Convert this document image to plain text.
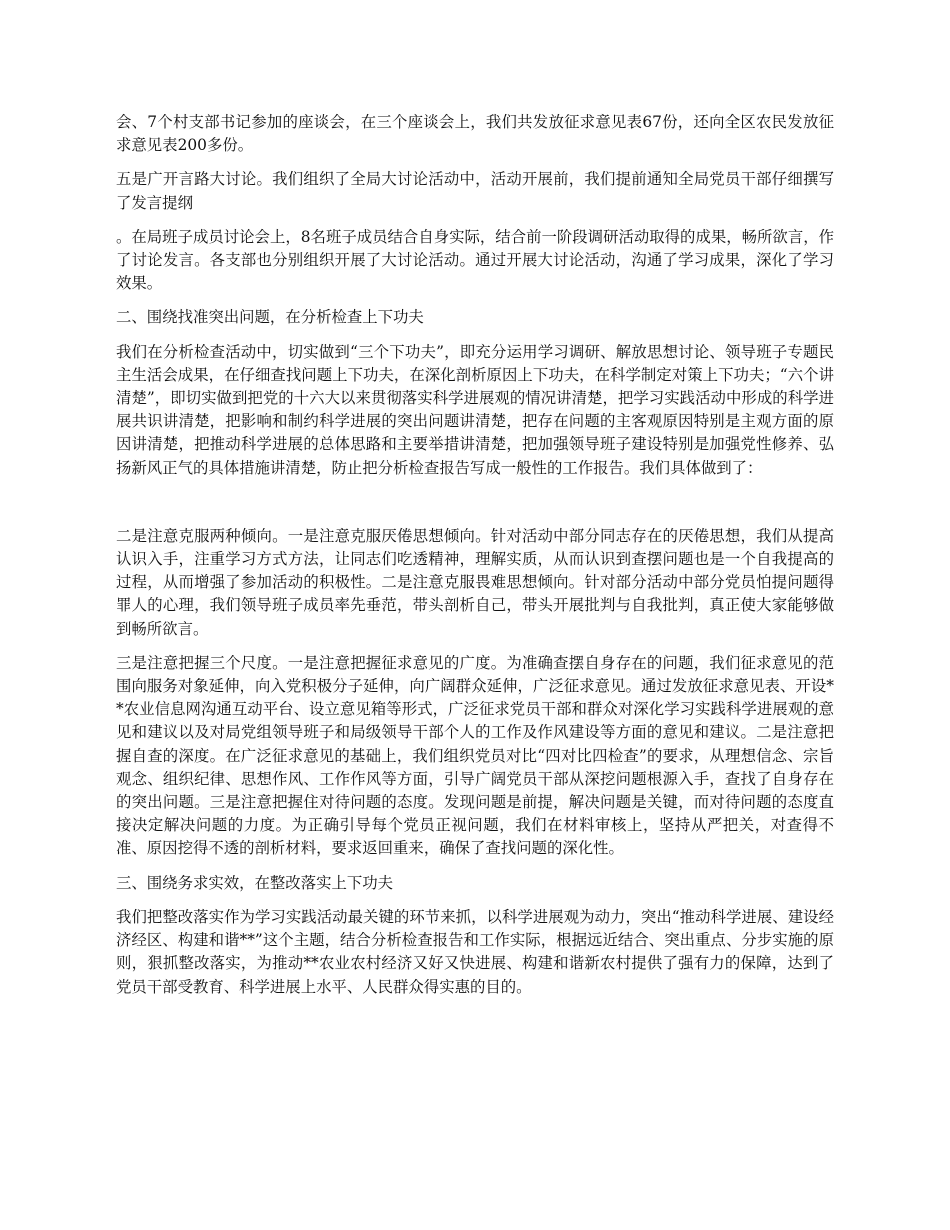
会、7个村支部书记参加的座谈会，在三个座谈会上，我们共发放征求意见表67份，还向全区农民发放征求意见表200多份。

五是广开言路大讨论。我们组织了全局大讨论活动中，活动开展前，我们提前通知全局党员干部仔细撰写了发言提纲

。在局班子成员讨论会上，8名班子成员结合自身实际，结合前一阶段调研活动取得的成果，畅所欲言，作了讨论发言。各支部也分别组织开展了大讨论活动。通过开展大讨论活动，沟通了学习成果，深化了学习效果。

二、围绕找准突出问题，在分析检查上下功夫

我们在分析检查活动中，切实做到“三个下功夫”，即充分运用学习调研、解放思想讨论、领导班子专题民主生活会成果，在仔细查找问题上下功夫，在深化剖析原因上下功夫，在科学制定对策上下功夫；“六个讲清楚”，即切实做到把党的十六大以来贯彻落实科学进展观的情况讲清楚，把学习实践活动中形成的科学进展共识讲清楚，把影响和制约科学进展的突出问题讲清楚，把存在问题的主客观原因特别是主观方面的原因讲清楚，把推动科学进展的总体思路和主要举措讲清楚，把加强领导班子建设特别是加强党性修养、弘扬新风正气的具体措施讲清楚，防止把分析检查报告写成一般性的工作报告。我们具体做到了：

二是注意克服两种倾向。一是注意克服厌倦思想倾向。针对活动中部分同志存在的厌倦思想，我们从提高认识入手，注重学习方式方法，让同志们吃透精神，理解实质，从而认识到查摆问题也是一个自我提高的过程，从而增强了参加活动的积极性。二是注意克服畏难思想倾向。针对部分活动中部分党员怕提问题得罪人的心理，我们领导班子成员率先垂范，带头剖析自己，带头开展批判与自我批判，真正使大家能够做到畅所欲言。

三是注意把握三个尺度。一是注意把握征求意见的广度。为准确查摆自身存在的问题，我们征求意见的范围向服务对象延伸，向入党积极分子延伸，向广阔群众延伸，广泛征求意见。通过发放征求意见表、开设**农业信息网沟通互动平台、设立意见箱等形式，广泛征求党员干部和群众对深化学习实践科学进展观的意见和建议以及对局党组领导班子和局级领导干部个人的工作及作风建设等方面的意见和建议。二是注意把握自查的深度。在广泛征求意见的基础上，我们组织党员对比“四对比四检查”的要求，从理想信念、宗旨观念、组织纪律、思想作风、工作作风等方面，引导广阔党员干部从深挖问题根源入手，查找了自身存在的突出问题。三是注意把握住对待问题的态度。发现问题是前提，解决问题是关键，而对待问题的态度直接决定解决问题的力度。为正确引导每个党员正视问题，我们在材料审核上，坚持从严把关，对查得不准、原因挖得不透的剖析材料，要求返回重来，确保了查找问题的深化性。

三、围绕务求实效，在整改落实上下功夫

我们把整改落实作为学习实践活动最关键的环节来抓，以科学进展观为动力，突出“推动科学进展、建设经济经区、构建和谐**”这个主题，结合分析检查报告和工作实际，根据远近结合、突出重点、分步实施的原则，狠抓整改落实，为推动**农业农村经济又好又快进展、构建和谐新农村提供了强有力的保障，达到了党员干部受教育、科学进展上水平、人民群众得实惠的目的。
